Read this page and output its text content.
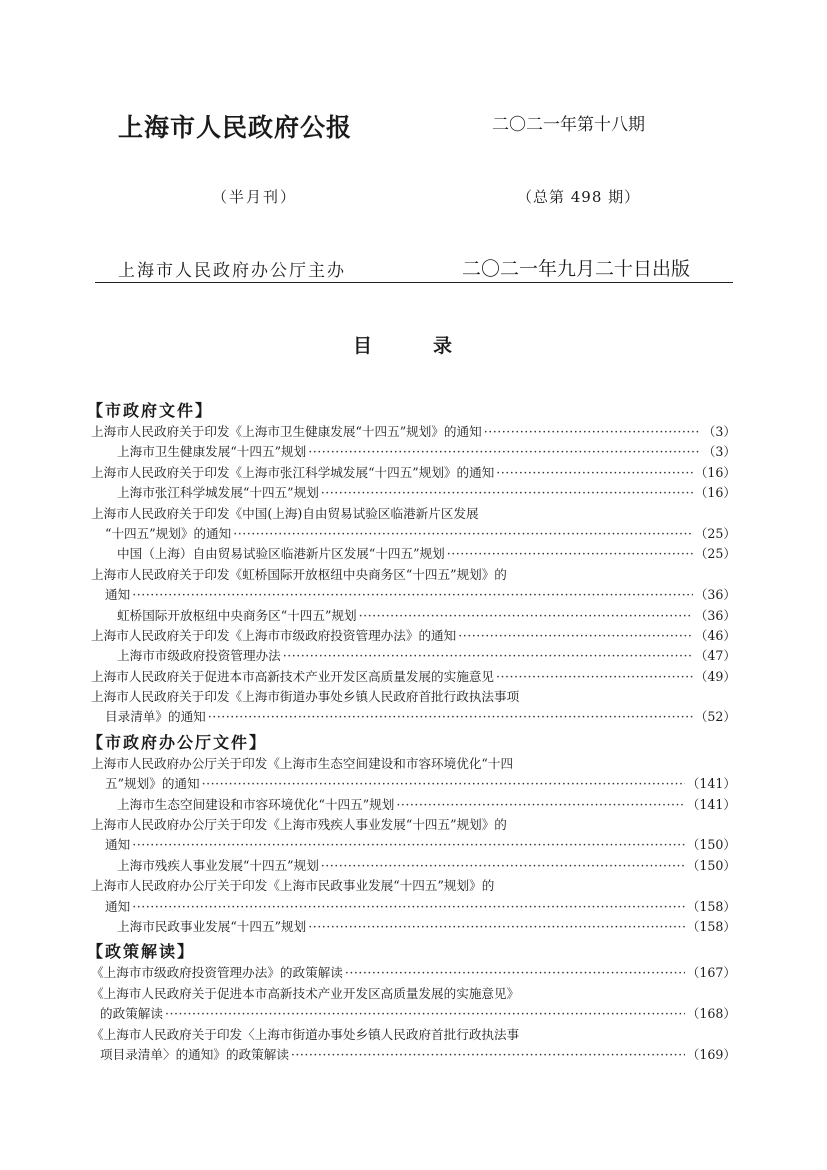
上海市人民政府公报	二〇二一年第十八期
（半月刊）	（总第 498 期）
上海市人民政府办公厅主办	二〇二一年九月二十日出版
目	录
【市政府文件】
上海市人民政府关于印发《上海市卫生健康发展“十四五”规划》的通知 ·····	（3）
上海市卫生健康发展“十四五”规划 ·····	（3）
上海市人民政府关于印发《上海市张江科学城发展“十四五”规划》的通知 ·····	（16）
上海市张江科学城发展“十四五”规划 ·····	（16）
上海市人民政府关于印发《中国(上海)自由贸易试验区临港新片区发展
“十四五”规划》的通知 ·····	（25）
中国（上海）自由贸易试验区临港新片区发展“十四五”规划 ·····	（25）
上海市人民政府关于印发《虹桥国际开放枢纽中央商务区“十四五”规划》的
通知 ·····	（36）
虹桥国际开放枢纽中央商务区“十四五”规划 ·····	（36）
上海市人民政府关于印发《上海市市级政府投资管理办法》的通知 ·····	（46）
上海市市级政府投资管理办法 ·····	（47）
上海市人民政府关于促进本市高新技术产业开发区高质量发展的实施意见 ·····	（49）
上海市人民政府关于印发《上海市街道办事处乡镇人民政府首批行政执法事项
目录清单》的通知 ·····	（52）
【市政府办公厅文件】
上海市人民政府办公厅关于印发《上海市生态空间建设和市容环境优化“十四
五”规划》的通知 ·····	（141）
上海市生态空间建设和市容环境优化“十四五”规划 ·····	（141）
上海市人民政府办公厅关于印发《上海市残疾人事业发展“十四五”规划》的
通知 ·····	（150）
上海市残疾人事业发展“十四五”规划 ·····	（150）
上海市人民政府办公厅关于印发《上海市民政事业发展“十四五”规划》的
通知 ·····	（158）
上海市民政事业发展“十四五”规划 ·····	（158）
【政策解读】
《上海市市级政府投资管理办法》的政策解读 ·····	（167）
《上海市人民政府关于促进本市高新技术产业开发区高质量发展的实施意见》
的政策解读 ·····	（168）
《上海市人民政府关于印发〈上海市街道办事处乡镇人民政府首批行政执法事
项目录清单〉的通知》的政策解读 ·····	（169）
